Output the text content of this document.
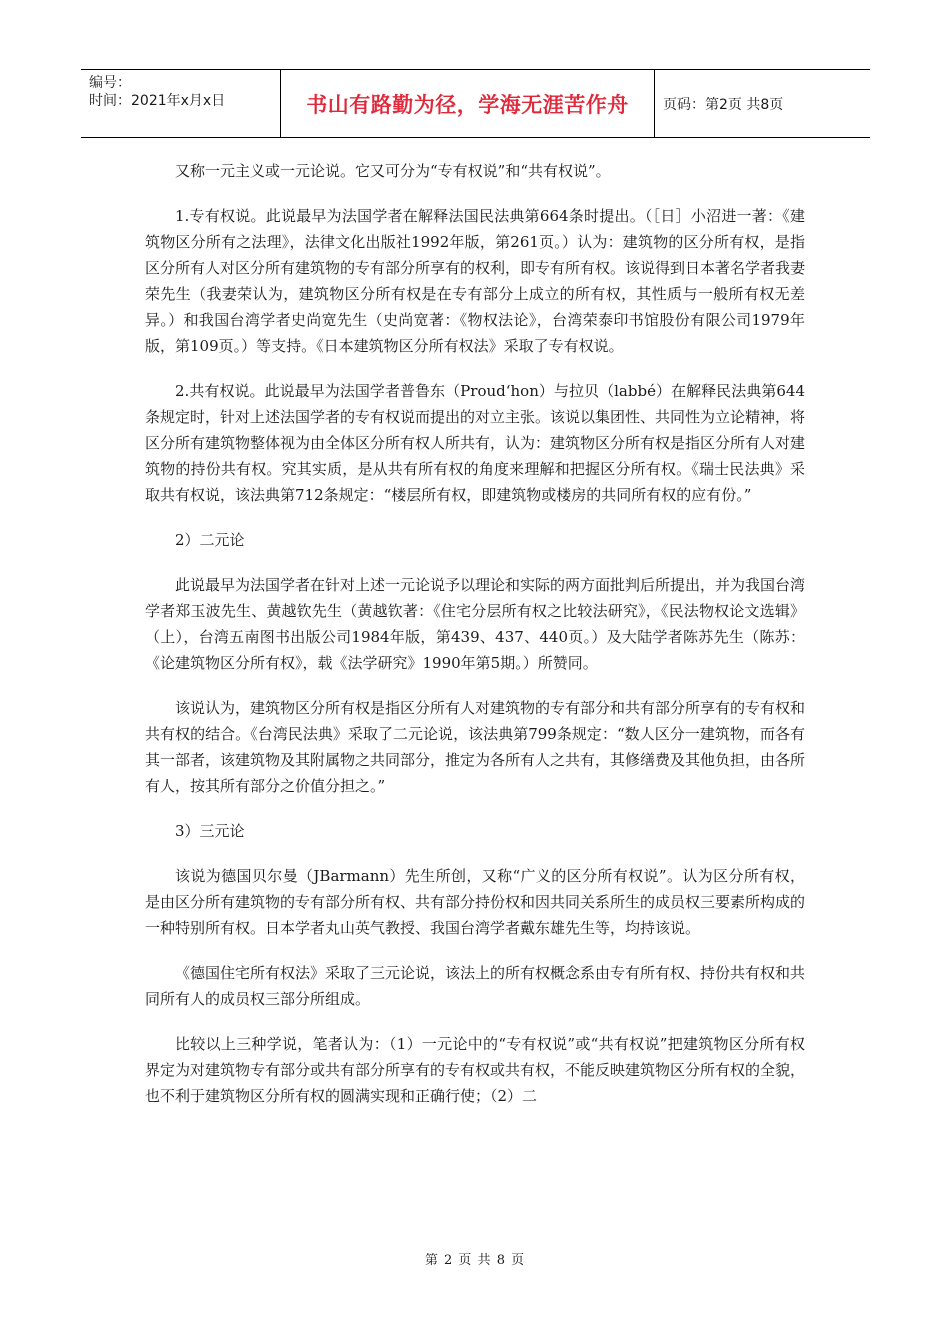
编号：
时间：2021年x月x日	书山有路勤为径，学海无涯苦作舟 页码：第2页 共8页

又称一元主义或一元论说。它又可分为“专有权说”和“共有权说”。

1.专有权说。此说最早为法国学者在解释法国民法典第664条时提出。（［日］小沼进一著：《建筑物区分所有之法理》，法律文化出版社1992年版，第261页。）认为：建筑物的区分所有权，是指区分所有人对区分所有建筑物的专有部分所享有的权利，即专有所有权。该说得到日本著名学者我妻荣先生（我妻荣认为，建筑物区分所有权是在专有部分上成立的所有权，其性质与一般所有权无差异。）和我国台湾学者史尚宽先生（史尚宽著：《物权法论》，台湾荣泰印书馆股份有限公司1979年版，第109页。）等支持。《日本建筑物区分所有权法》采取了专有权说。

2.共有权说。此说最早为法国学者普鲁东（Proud‘hon）与拉贝（labbé）在解释民法典第644条规定时，针对上述法国学者的专有权说而提出的对立主张。该说以集团性、共同性为立论精神，将区分所有建筑物整体视为由全体区分所有权人所共有，认为：建筑物区分所有权是指区分所有人对建筑物的持份共有权。究其实质，是从共有所有权的角度来理解和把握区分所有权。《瑞士民法典》采取共有权说，该法典第712条规定：“楼层所有权，即建筑物或楼房的共同所有权的应有份。”

2）二元论

此说最早为法国学者在针对上述一元论说予以理论和实际的两方面批判后所提出，并为我国台湾学者郑玉波先生、黄越钦先生（黄越钦著：《住宅分层所有权之比较法研究》，《民法物权论文选辑》（上），台湾五南图书出版公司1984年版，第439、437、440页。）及大陆学者陈苏先生（陈苏：《论建筑物区分所有权》，载《法学研究》1990年第5期。）所赞同。

该说认为，建筑物区分所有权是指区分所有人对建筑物的专有部分和共有部分所享有的专有权和共有权的结合。《台湾民法典》采取了二元论说，该法典第799条规定：“数人区分一建筑物，而各有其一部者，该建筑物及其附属物之共同部分，推定为各所有人之共有，其修缮费及其他负担，由各所有人，按其所有部分之价值分担之。”

3）三元论

该说为德国贝尔曼（JBarmann）先生所创，又称“广义的区分所有权说”。认为区分所有权，是由区分所有建筑物的专有部分所有权、共有部分持份权和因共同关系所生的成员权三要素所构成的一种特别所有权。日本学者丸山英气教授、我国台湾学者戴东雄先生等，均持该说。

《德国住宅所有权法》采取了三元论说，该法上的所有权概念系由专有所有权、持份共有权和共同所有人的成员权三部分所组成。

比较以上三种学说，笔者认为：（1）一元论中的“专有权说”或“共有权说”把建筑物区分所有权界定为对建筑物专有部分或共有部分所享有的专有权或共有权，不能反映建筑物区分所有权的全貌，也不利于建筑物区分所有权的圆满实现和正确行使；（2）二

第 2 页 共 8 页
